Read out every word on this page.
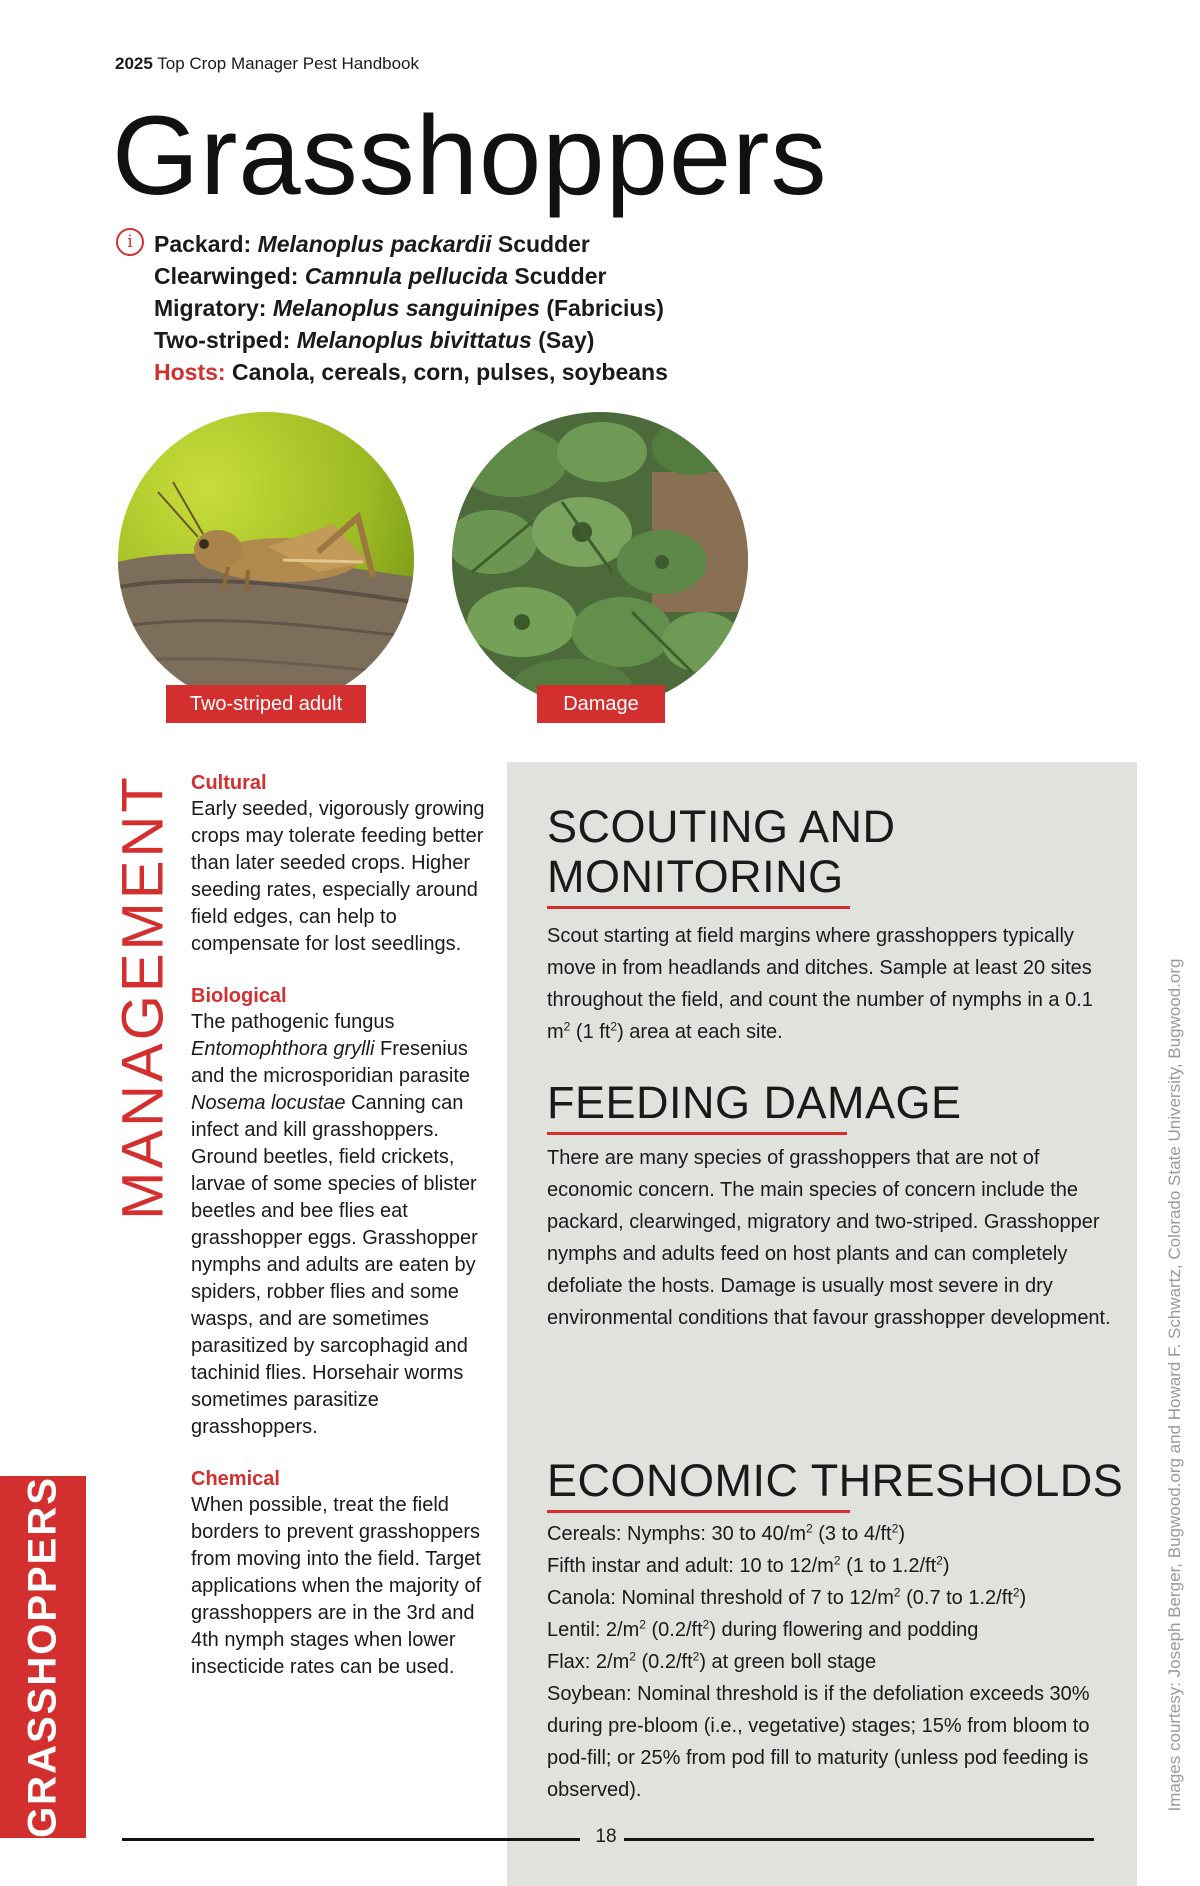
2025 Top Crop Manager Pest Handbook
Grasshoppers
i Packard: Melanoplus packardii Scudder
Clearwinged: Camnula pellucida Scudder
Migratory: Melanoplus sanguinipes (Fabricius)
Two-striped: Melanoplus bivittatus (Say)
Hosts: Canola, cereals, corn, pulses, soybeans
Two-striped adult	Damage
MANAGEMENT Cultural
Early seeded, vigorously growing crops may tolerate feeding better than later seeded crops. Higher seeding rates, especially around field edges, can help to compensate for lost seedlings.
Biological
The pathogenic fungus Entomophthora grylli Fresenius and the microsporidian parasite Nosema locustae Canning can infect and kill grasshoppers. Ground beetles, field crickets, larvae of some species of blister beetles and bee flies eat grasshopper eggs. Grasshopper nymphs and adults are eaten by spiders, robber flies and some wasps, and are sometimes parasitized by sarcophagid and tachinid flies. Horsehair worms sometimes parasitize grasshoppers.
Chemical
When possible, treat the field borders to prevent grasshoppers from moving into the field. Target applications when the majority of grasshoppers are in the 3rd and 4th nymph stages when lower insecticide rates can be used.
SCOUTING AND
MONITORING
Scout starting at field margins where grasshoppers typically move in from headlands and ditches. Sample at least 20 sites throughout the field, and count the number of nymphs in a 0.1 $m^2$ (1 $ft^2$) area at each site.
FEEDING DAMAGE
There are many species of grasshoppers that are not of economic concern. The main species of concern include the packard, clearwinged, migratory and two-striped. Grasshopper nymphs and adults feed on host plants and can completely defoliate the hosts. Damage is usually most severe in dry environmental conditions that favour grasshopper development.
ECONOMIC THRESHOLDS
Cereals: Nymphs: 30 to $40/m^2$ (3 to $4/ft^2$)
Fifth instar and adult: 10 to $12/m^2$ (1 to $1.2/ft^2$)
Canola: Nominal threshold of 7 to $12/m^2$ (0.7 to $1.2/ft^2$)
Lentil: $2/m^2$ $(0.2/ft^2)$ during flowering and podding
Flax: $2/m^2$ $(0.2/ft^2)$ at green boll stage
Soybean: Nominal threshold is if the defoliation exceeds 30% during pre-bloom (i.e., vegetative) stages; 15% from bloom to pod-fill; or 25% from pod fill to maturity (unless pod feeding is observed).
18
GRASSHOPPERS	Images courtesy: Joseph Berger, Bugwood.org and Howard F. Schwartz, Colorado State University, Bugwood.org
